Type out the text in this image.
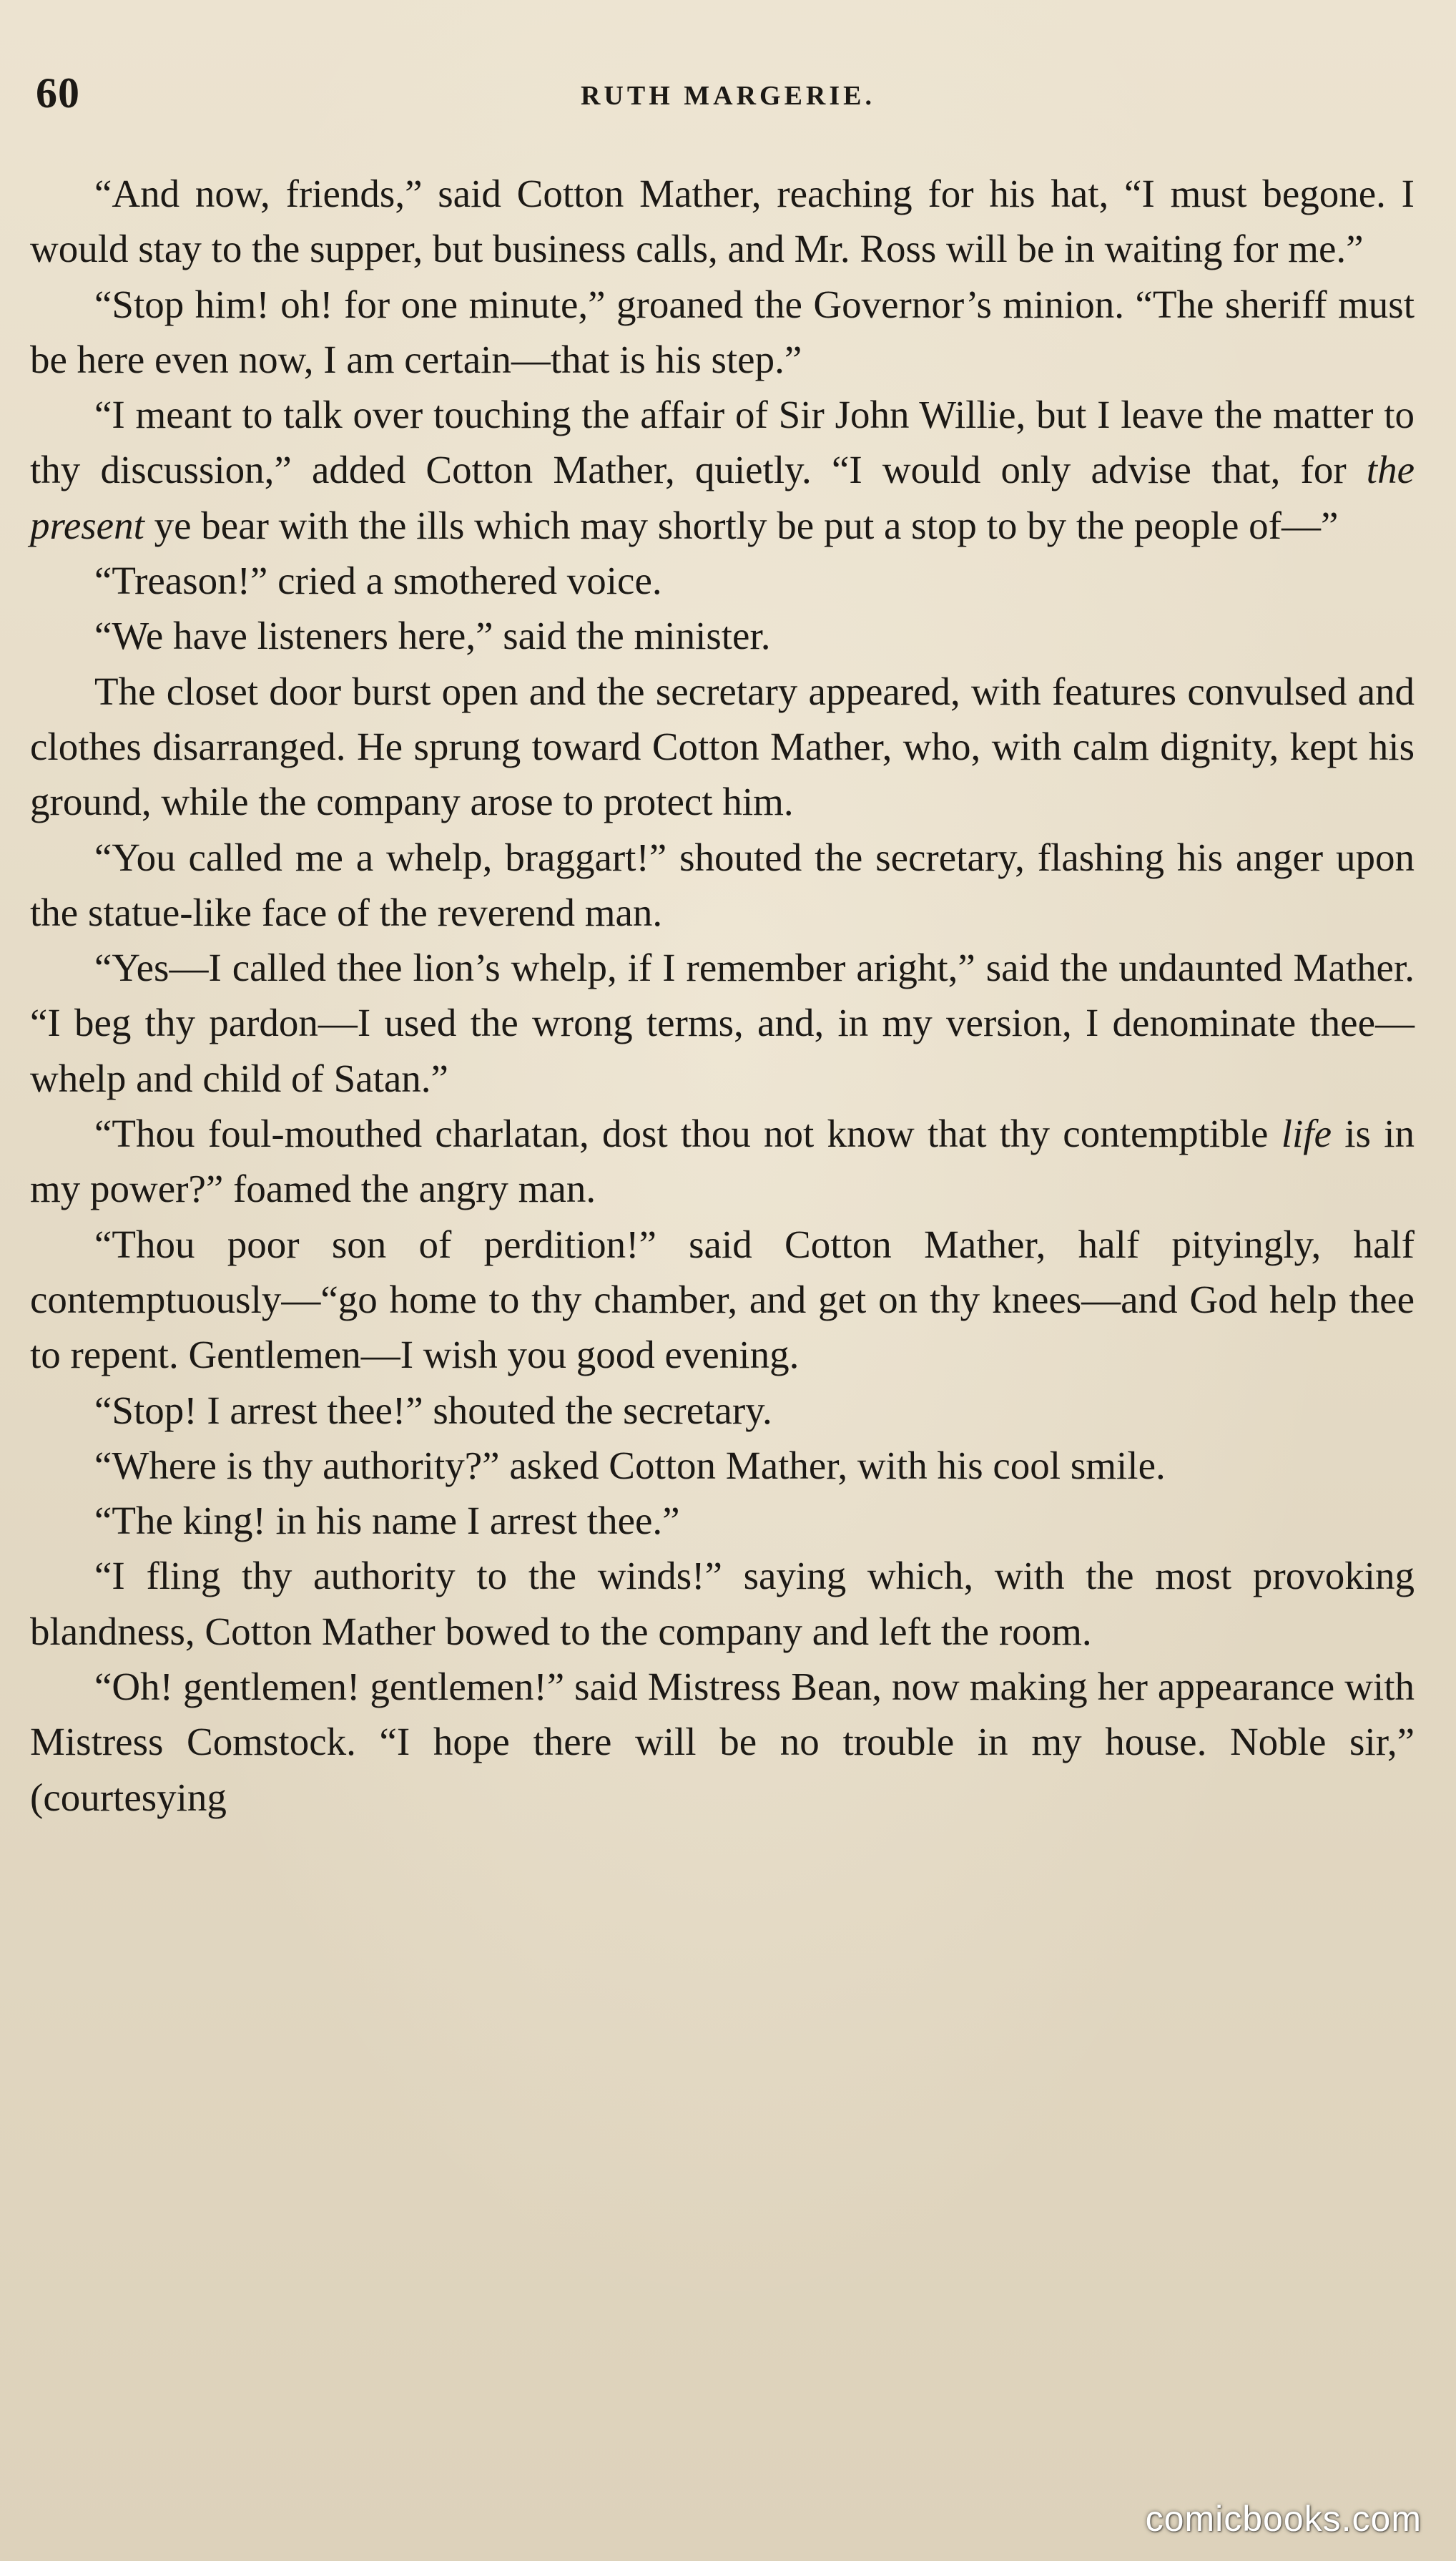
60	RUTH MARGERIE.

“And now, friends,” said Cotton Mather, reaching for his hat, “I must begone. I would stay to the supper, but business calls, and Mr. Ross will be in waiting for me.”

“Stop him! oh! for one minute,” groaned the Governor’s minion. “The sheriff must be here even now, I am certain—that is his step.”

“I meant to talk over touching the affair of Sir John Willie, but I leave the matter to thy discussion,” added Cotton Mather, quietly. “I would only advise that, for the present ye bear with the ills which may shortly be put a stop to by the people of—”

“Treason!” cried a smothered voice.

“We have listeners here,” said the minister.

The closet door burst open and the secretary appeared, with features convulsed and clothes disarranged. He sprung toward Cotton Mather, who, with calm dignity, kept his ground, while the company arose to protect him.

“You called me a whelp, braggart!” shouted the secretary, flashing his anger upon the statue-like face of the reverend man.

“Yes—I called thee lion’s whelp, if I remember aright,” said the undaunted Mather. “I beg thy pardon—I used the wrong terms, and, in my version, I denominate thee—whelp and child of Satan.”

“Thou foul-mouthed charlatan, dost thou not know that thy contemptible life is in my power?” foamed the angry man.

“Thou poor son of perdition!” said Cotton Mather, half pityingly, half contemptuously—“go home to thy chamber, and get on thy knees—and God help thee to repent. Gentlemen—I wish you good evening.

“Stop! I arrest thee!” shouted the secretary.

“Where is thy authority?” asked Cotton Mather, with his cool smile.

“The king! in his name I arrest thee.”

“I fling thy authority to the winds!” saying which, with the most provoking blandness, Cotton Mather bowed to the company and left the room.

“Oh! gentlemen! gentlemen!” said Mistress Bean, now making her appearance with Mistress Comstock. “I hope there will be no trouble in my house. Noble sir,” (courtesying

comicbooks.com
